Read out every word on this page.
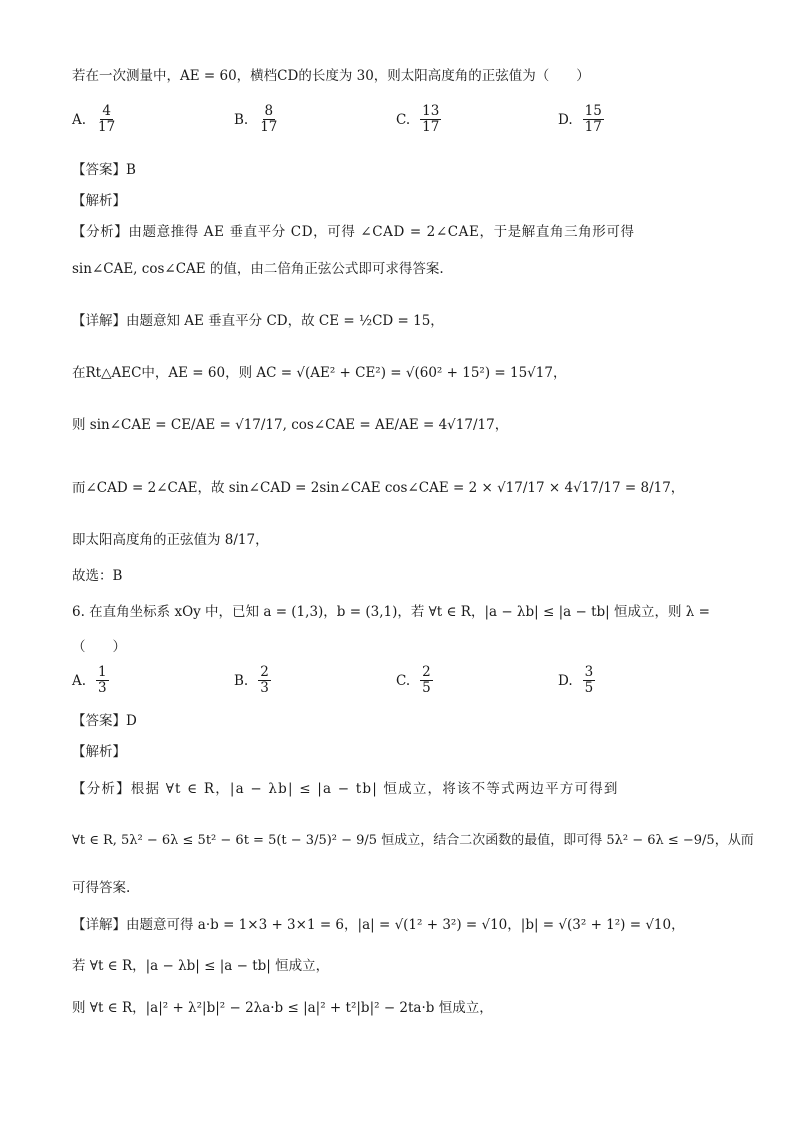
若在一次测量中，AE = 60，横档CD的长度为 30，则太阳高度角的正弦值为（　　）
A. $\frac{4}{17}$	B. $\frac{8}{17}$	C. $\frac{13}{17}$	D. $\frac{15}{17}$
【答案】B
【解析】
【分析】由题意推得 AE 垂直平分 CD，可得 ∠CAD = 2∠CAE，于是解直角三角形可得
sin∠CAE, cos∠CAE 的值，由二倍角正弦公式即可求得答案.
【详解】由题意知 AE 垂直平分 CD，故 CE = ½CD = 15，
在Rt△AEC中，AE = 60，则 AC = √(AE² + CE²) = √(60² + 15²) = 15√17，
则 sin∠CAE = CE/AE = √17/17, cos∠CAE = AE/AE = 4√17/17，
而∠CAD = 2∠CAE，故 sin∠CAD = 2sin∠CAE cos∠CAE = 2 × √17/17 × 4√17/17 = 8/17，
即太阳高度角的正弦值为 8/17，
故选：B
6. 在直角坐标系 xOy 中，已知 a = (1,3)，b = (3,1)，若 ∀t ∈ R，|a − λb| ≤ |a − tb| 恒成立，则 λ =
（　　）
A. $\frac{1}{3}$	B. $\frac{2}{3}$	C. $\frac{2}{5}$	D. $\frac{3}{5}$
【答案】D
【解析】
【分析】根据 ∀t ∈ R，|a − λb| ≤ |a − tb| 恒成立，将该不等式两边平方可得到
∀t ∈ R, 5λ² − 6λ ≤ 5t² − 6t = 5(t − 3/5)² − 9/5 恒成立，结合二次函数的最值，即可得 5λ² − 6λ ≤ −9/5，从而
可得答案.
【详解】由题意可得 a·b = 1×3 + 3×1 = 6，|a| = √(1² + 3²) = √10，|b| = √(3² + 1²) = √10，
若 ∀t ∈ R，|a − λb| ≤ |a − tb| 恒成立，
则 ∀t ∈ R，|a|² + λ²|b|² − 2λa·b ≤ |a|² + t²|b|² − 2ta·b 恒成立，
